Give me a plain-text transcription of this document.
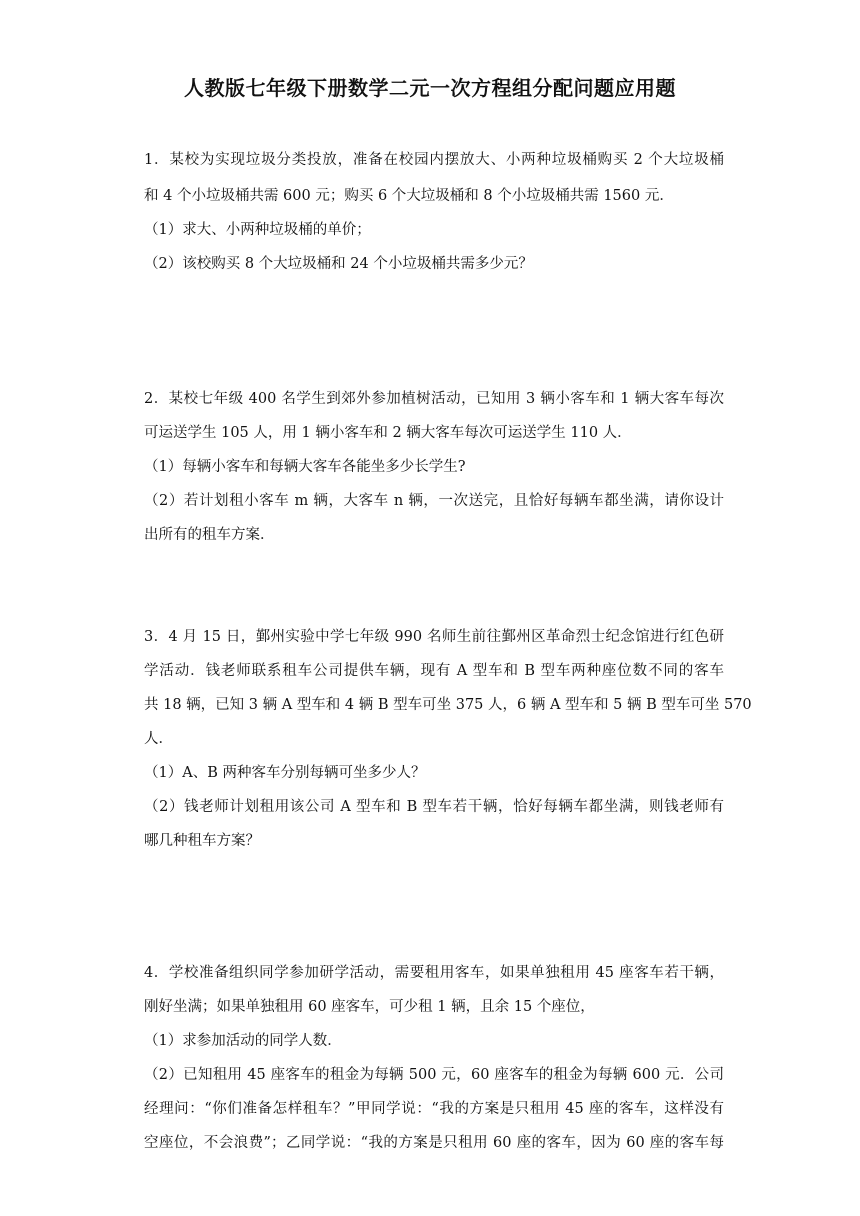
人教版七年级下册数学二元一次方程组分配问题应用题
1．某校为实现垃圾分类投放，准备在校园内摆放大、小两种垃圾桶购买 2 个大垃圾桶
和 4 个小垃圾桶共需 600 元；购买 6 个大垃圾桶和 8 个小垃圾桶共需 1560 元．
（1）求大、小两种垃圾桶的单价；
（2）该校购买 8 个大垃圾桶和 24 个小垃圾桶共需多少元？
2．某校七年级 400 名学生到郊外参加植树活动，已知用 3 辆小客车和 1 辆大客车每次
可运送学生 105 人，用 1 辆小客车和 2 辆大客车每次可运送学生 110 人．
（1）每辆小客车和每辆大客车各能坐多少长学生?
（2）若计划租小客车 m 辆，大客车 n 辆，一次送完，且恰好每辆车都坐满，请你设计
出所有的租车方案．
3．4 月 15 日，鄞州实验中学七年级 990 名师生前往鄞州区革命烈士纪念馆进行红色研
学活动．钱老师联系租车公司提供车辆，现有 A 型车和 B 型车两种座位数不同的客车
共 18 辆，已知 3 辆 A 型车和 4 辆 B 型车可坐 375 人，6 辆 A 型车和 5 辆 B 型车可坐 570
人．
（1）A、B 两种客车分别每辆可坐多少人？
（2）钱老师计划租用该公司 A 型车和 B 型车若干辆，恰好每辆车都坐满，则钱老师有
哪几种租车方案？
4．学校准备组织同学参加研学活动，需要租用客车，如果单独租用 45 座客车若干辆，
刚好坐满；如果单独租用 60 座客车，可少租 1 辆，且余 15 个座位，
（1）求参加活动的同学人数．
（2）已知租用 45 座客车的租金为每辆 500 元，60 座客车的租金为每辆 600 元．公司
经理问：“你们准备怎样租车？”甲同学说：“我的方案是只租用 45 座的客车，这样没有
空座位，不会浪费”；乙同学说：“我的方案是只租用 60 座的客车，因为 60 座的客车每
